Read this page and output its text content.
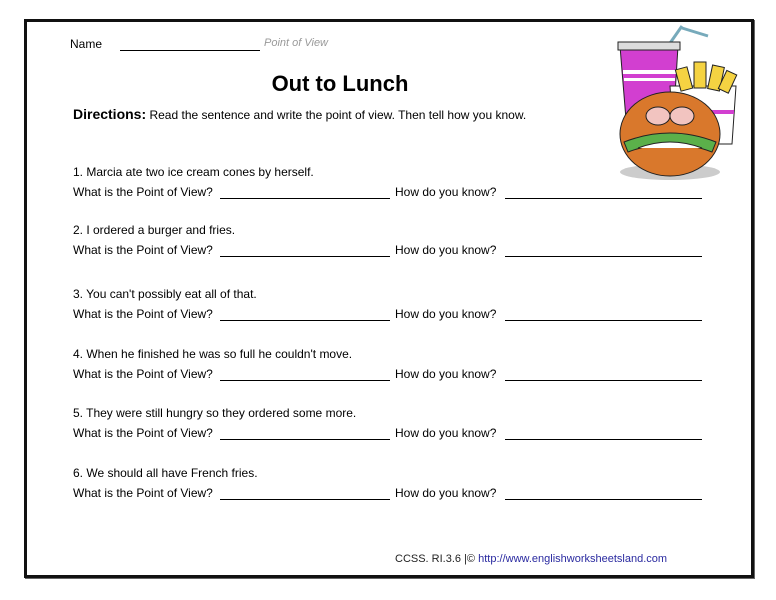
Name	Point of View
Out to Lunch
Directions: Read the sentence and write the point of view. Then tell how you know.
1. Marcia ate two ice cream cones by herself.
What is the Point of View?	How do you know?
2. I ordered a burger and fries.
What is the Point of View?	How do you know?
3. You can't possibly eat all of that.
What is the Point of View?	How do you know?
4. When he finished he was so full he couldn't move.
What is the Point of View?	How do you know?
5. They were still hungry so they ordered some more.
What is the Point of View?	How do you know?
6. We should all have French fries.
What is the Point of View?	How do you know?
CCSS. RI.3.6 |© http://www.englishworksheetsland.com
